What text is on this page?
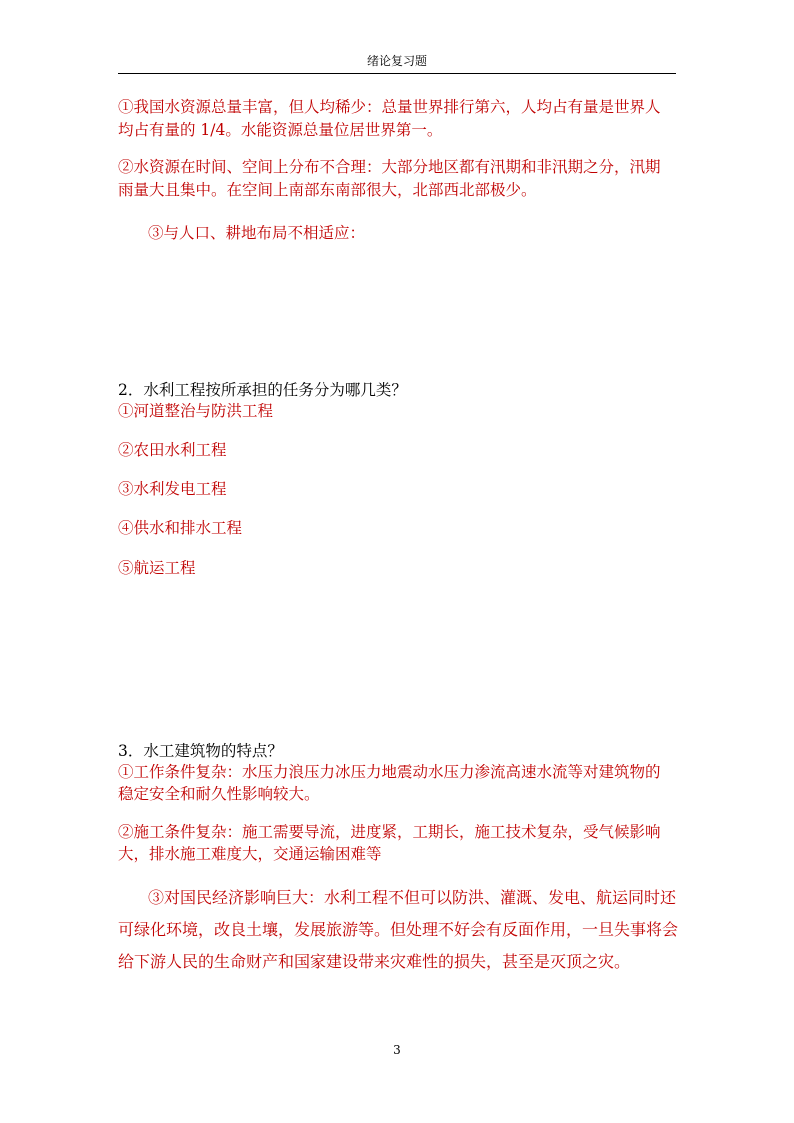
绪论复习题

①我国水资源总量丰富，但人均稀少：总量世界排行第六，人均占有量是世界人

均占有量的 1/4。水能资源总量位居世界第一。

②水资源在时间、空间上分布不合理：大部分地区都有汛期和非汛期之分，汛期

雨量大且集中。在空间上南部东南部很大，北部西北部极少。

③与人口、耕地布局不相适应：

2．水利工程按所承担的任务分为哪几类？

①河道整治与防洪工程

②农田水利工程

③水利发电工程

④供水和排水工程

⑤航运工程

3．水工建筑物的特点？

①工作条件复杂：水压力浪压力冰压力地震动水压力渗流高速水流等对建筑物的

稳定安全和耐久性影响较大。

②施工条件复杂：施工需要导流，进度紧，工期长，施工技术复杂，受气候影响

大，排水施工难度大，交通运输困难等

③对国民经济影响巨大：水利工程不但可以防洪、灌溉、发电、航运同时还

可绿化环境，改良土壤，发展旅游等。但处理不好会有反面作用，一旦失事将会

给下游人民的生命财产和国家建设带来灾难性的损失，甚至是灭顶之灾。

3
